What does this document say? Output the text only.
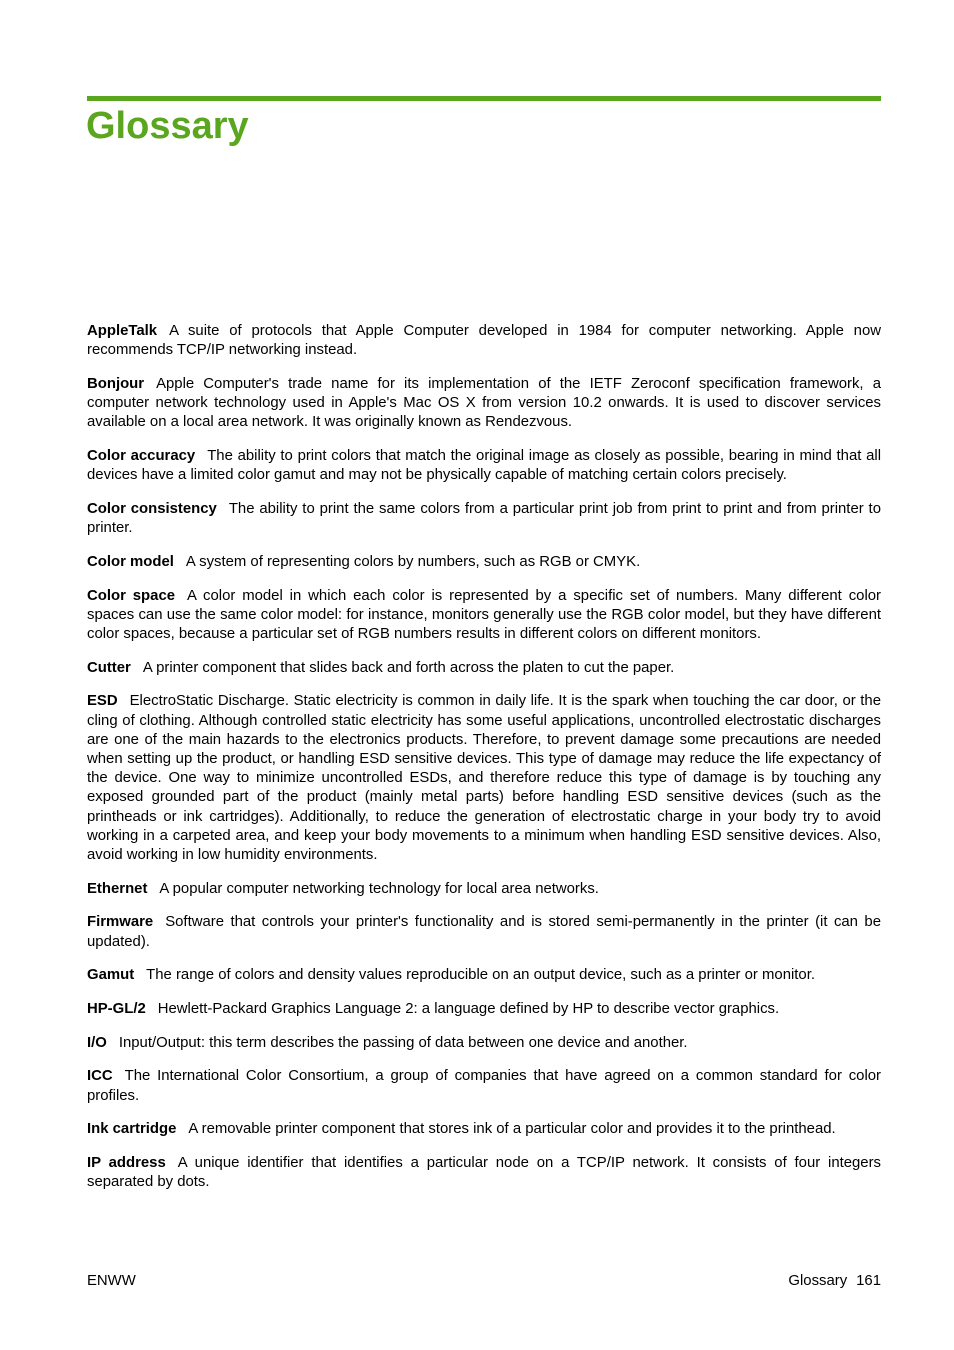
Glossary

AppleTalk A suite of protocols that Apple Computer developed in 1984 for computer networking. Apple now recommends TCP/IP networking instead.

Bonjour Apple Computer's trade name for its implementation of the IETF Zeroconf specification framework, a computer network technology used in Apple's Mac OS X from version 10.2 onwards. It is used to discover services available on a local area network. It was originally known as Rendezvous.

Color accuracy The ability to print colors that match the original image as closely as possible, bearing in mind that all devices have a limited color gamut and may not be physically capable of matching certain colors precisely.

Color consistency The ability to print the same colors from a particular print job from print to print and from printer to printer.

Color model A system of representing colors by numbers, such as RGB or CMYK.

Color space A color model in which each color is represented by a specific set of numbers. Many different color spaces can use the same color model: for instance, monitors generally use the RGB color model, but they have different color spaces, because a particular set of RGB numbers results in different colors on different monitors.

Cutter A printer component that slides back and forth across the platen to cut the paper.

ESD ElectroStatic Discharge. Static electricity is common in daily life. It is the spark when touching the car door, or the cling of clothing. Although controlled static electricity has some useful applications, uncontrolled electrostatic discharges are one of the main hazards to the electronics products. Therefore, to prevent damage some precautions are needed when setting up the product, or handling ESD sensitive devices. This type of damage may reduce the life expectancy of the device. One way to minimize uncontrolled ESDs, and therefore reduce this type of damage is by touching any exposed grounded part of the product (mainly metal parts) before handling ESD sensitive devices (such as the printheads or ink cartridges). Additionally, to reduce the generation of electrostatic charge in your body try to avoid working in a carpeted area, and keep your body movements to a minimum when handling ESD sensitive devices. Also, avoid working in low humidity environments.

Ethernet A popular computer networking technology for local area networks.

Firmware Software that controls your printer's functionality and is stored semi-permanently in the printer (it can be updated).

Gamut The range of colors and density values reproducible on an output device, such as a printer or monitor.

HP-GL/2 Hewlett-Packard Graphics Language 2: a language defined by HP to describe vector graphics.

I/O Input/Output: this term describes the passing of data between one device and another.

ICC The International Color Consortium, a group of companies that have agreed on a common standard for color profiles.

Ink cartridge A removable printer component that stores ink of a particular color and provides it to the printhead.

IP address A unique identifier that identifies a particular node on a TCP/IP network. It consists of four integers separated by dots.

ENWW	Glossary 161
